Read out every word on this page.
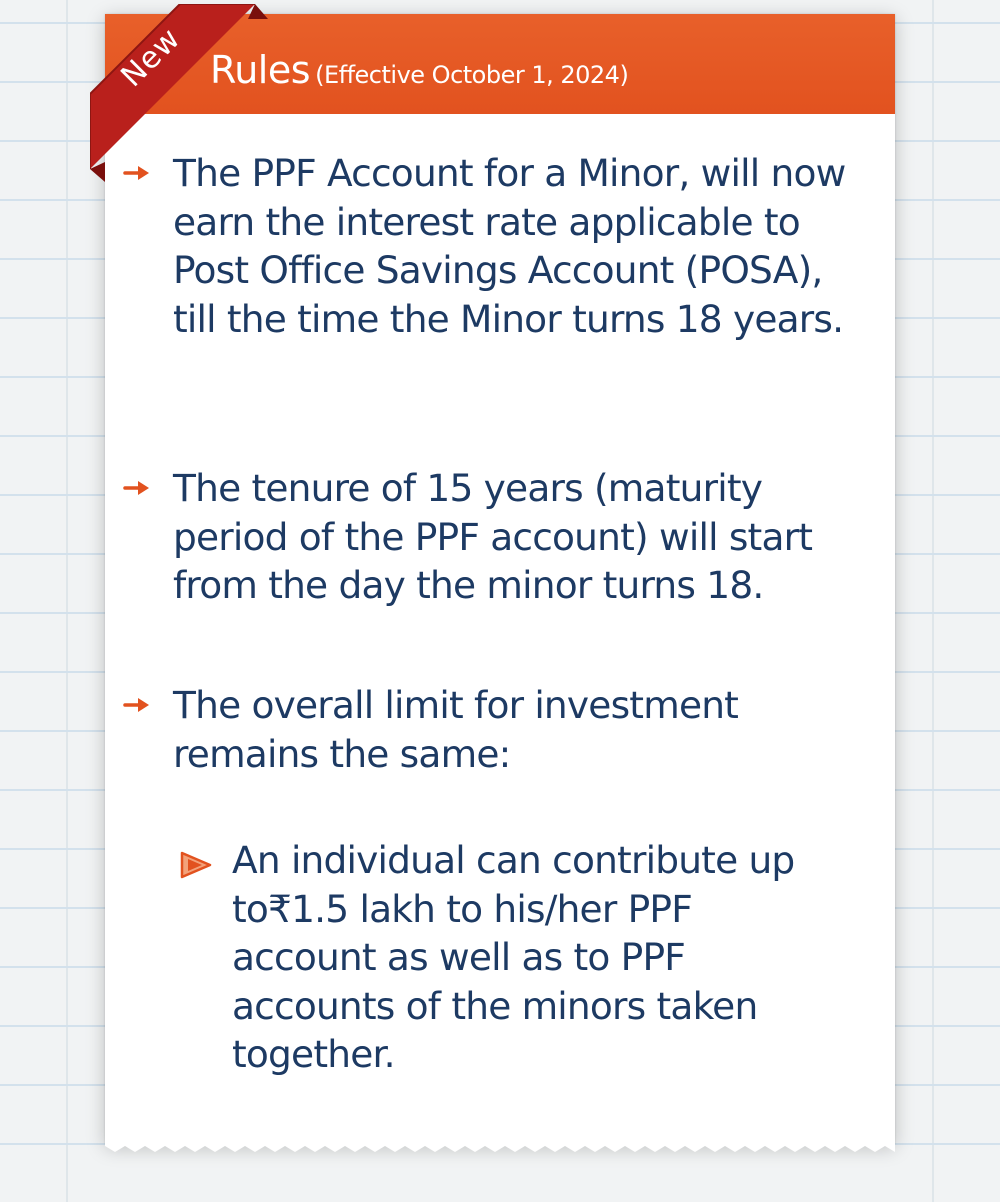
Rules (Effective October 1, 2024)
The PPF Account for a Minor, will now earn the interest rate applicable to Post Office Savings Account (POSA), till the time the Minor turns 18 years.
The tenure of 15 years (maturity period of the PPF account) will start from the day the minor turns 18.
The overall limit for investment remains the same:
An individual can contribute up to₹1.5 lakh to his/her PPF account as well as to PPF accounts of the minors taken together.
New
